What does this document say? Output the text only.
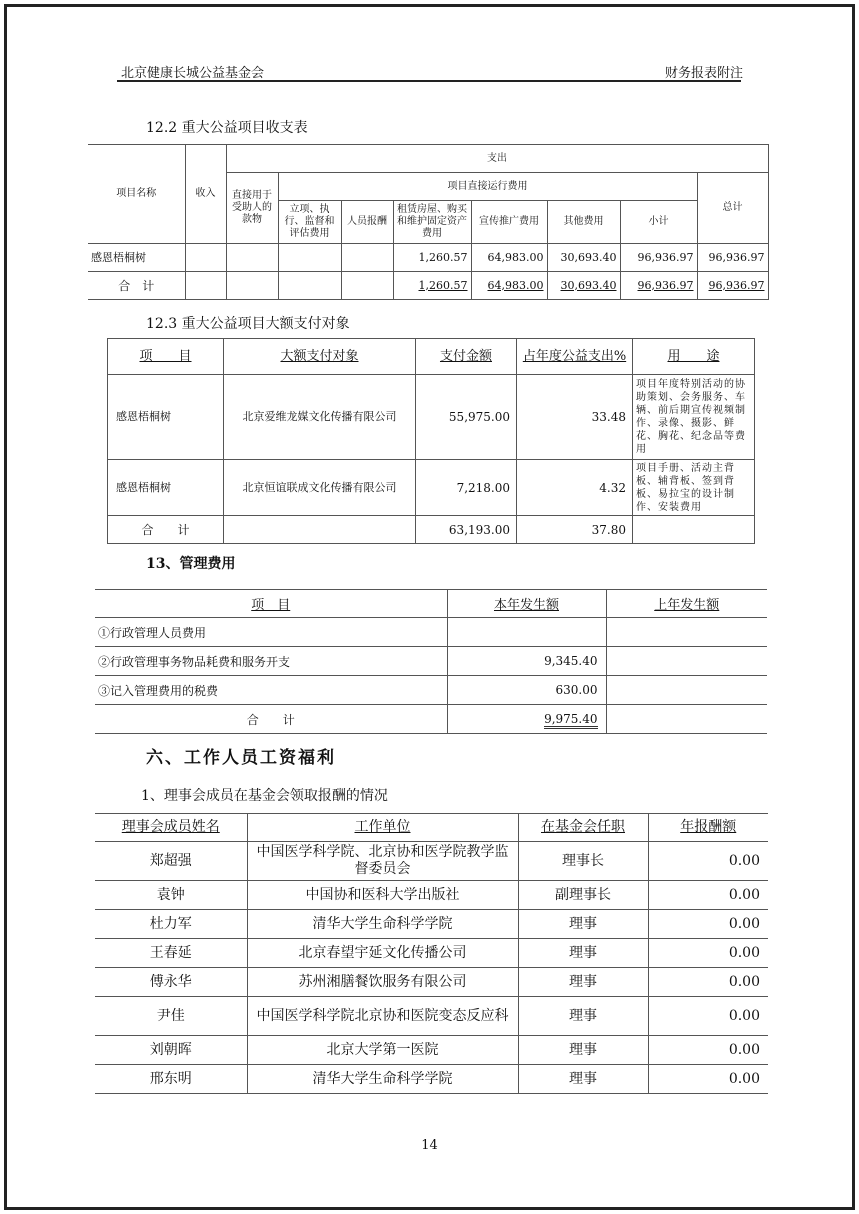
北京健康长城公益基金会	财务报表附注
12.2 重大公益项目收支表
项目名称	收入	支出							
		直接用于受助人的款物	项目直接运行费用						总计
			立项、执行、监督和评估费用	人员报酬	租赁房屋、购买和维护固定资产费用	宣传推广费用	其他费用	小计	
感恩梧桐树					1,260.57	64,983.00	30,693.40	96,936.97	96,936.97
合　计					1,260.57	64,983.00	30,693.40	96,936.97	96,936.97
12.3 重大公益项目大额支付对象
项　　目	大额支付对象	支付金额	占年度公益支出%	用　　途
感恩梧桐树	北京爱维龙媒文化传播有限公司	55,975.00	33.48	项目年度特别活动的协助策划、会务服务、车辆、前后期宣传视频制作、录像、摄影、鲜花、胸花、纪念品等费用
感恩梧桐树	北京恒谊联成文化传播有限公司	7,218.00	4.32	项目手册、活动主背板、辅背板、签到背板、易拉宝的设计制作、安装费用
合　　计		63,193.00	37.80	
13、管理费用
项　目	本年发生额	上年发生额
①行政管理人员费用		
②行政管理事务物品耗费和服务开支	9,345.40	
③记入管理费用的税费	630.00	
合　　计	9,975.40	
六、工作人员工资福利
1、理事会成员在基金会领取报酬的情况
理事会成员姓名	工作单位	在基金会任职	年报酬额
郑超强	中国医学科学院、北京协和医学院教学监督委员会	理事长	0.00
袁钟	中国协和医科大学出版社	副理事长	0.00
杜力军	清华大学生命科学学院	理事	0.00
王春延	北京春望宇延文化传播公司	理事	0.00
傅永华	苏州湘膳餐饮服务有限公司	理事	0.00
尹佳	中国医学科学院北京协和医院变态反应科	理事	0.00
刘朝晖	北京大学第一医院	理事	0.00
邢东明	清华大学生命科学学院	理事	0.00
14
